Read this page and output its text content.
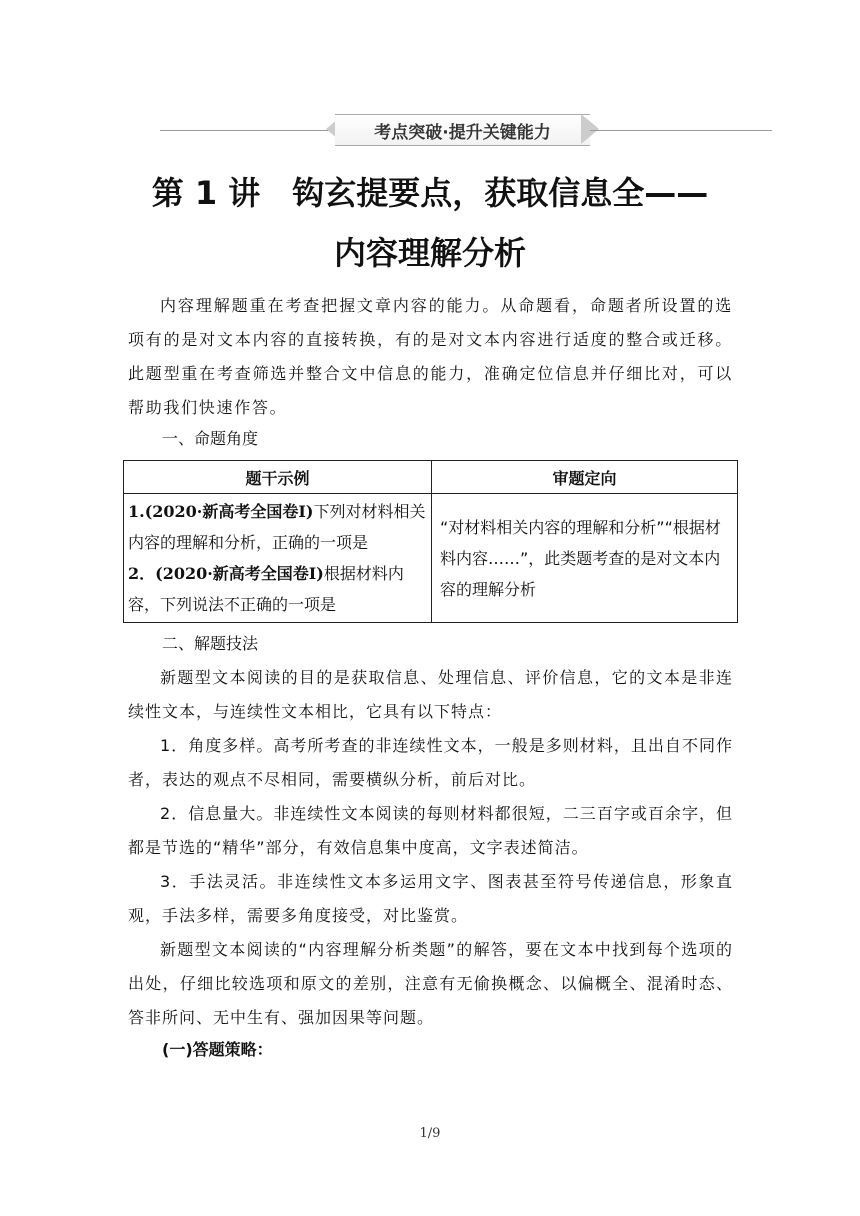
考点突破·提升关键能力
第 1 讲　钩玄提要点，获取信息全——
内容理解分析
内容理解题重在考查把握文章内容的能力。从命题看，命题者所设置的选项有的是对文本内容的直接转换，有的是对文本内容进行适度的整合或迁移。此题型重在考查筛选并整合文中信息的能力，准确定位信息并仔细比对，可以帮助我们快速作答。
一、命题角度
题干示例	审题定向
1.(2020·新高考全国卷Ⅰ)下列对材料相关内容的理解和分析，正确的一项是
2．(2020·新高考全国卷Ⅰ)根据材料内容，下列说法不正确的一项是	“对材料相关内容的理解和分析”“根据材料内容……”，此类题考查的是对文本内容的理解分析
二、解题技法
新题型文本阅读的目的是获取信息、处理信息、评价信息，它的文本是非连续性文本，与连续性文本相比，它具有以下特点：
1．角度多样。高考所考查的非连续性文本，一般是多则材料，且出自不同作者，表达的观点不尽相同，需要横纵分析，前后对比。
2．信息量大。非连续性文本阅读的每则材料都很短，二三百字或百余字，但都是节选的“精华”部分，有效信息集中度高，文字表述简洁。
3．手法灵活。非连续性文本多运用文字、图表甚至符号传递信息，形象直观，手法多样，需要多角度接受，对比鉴赏。
新题型文本阅读的“内容理解分析类题”的解答，要在文本中找到每个选项的出处，仔细比较选项和原文的差别，注意有无偷换概念、以偏概全、混淆时态、答非所问、无中生有、强加因果等问题。
(一)答题策略：
1/9
